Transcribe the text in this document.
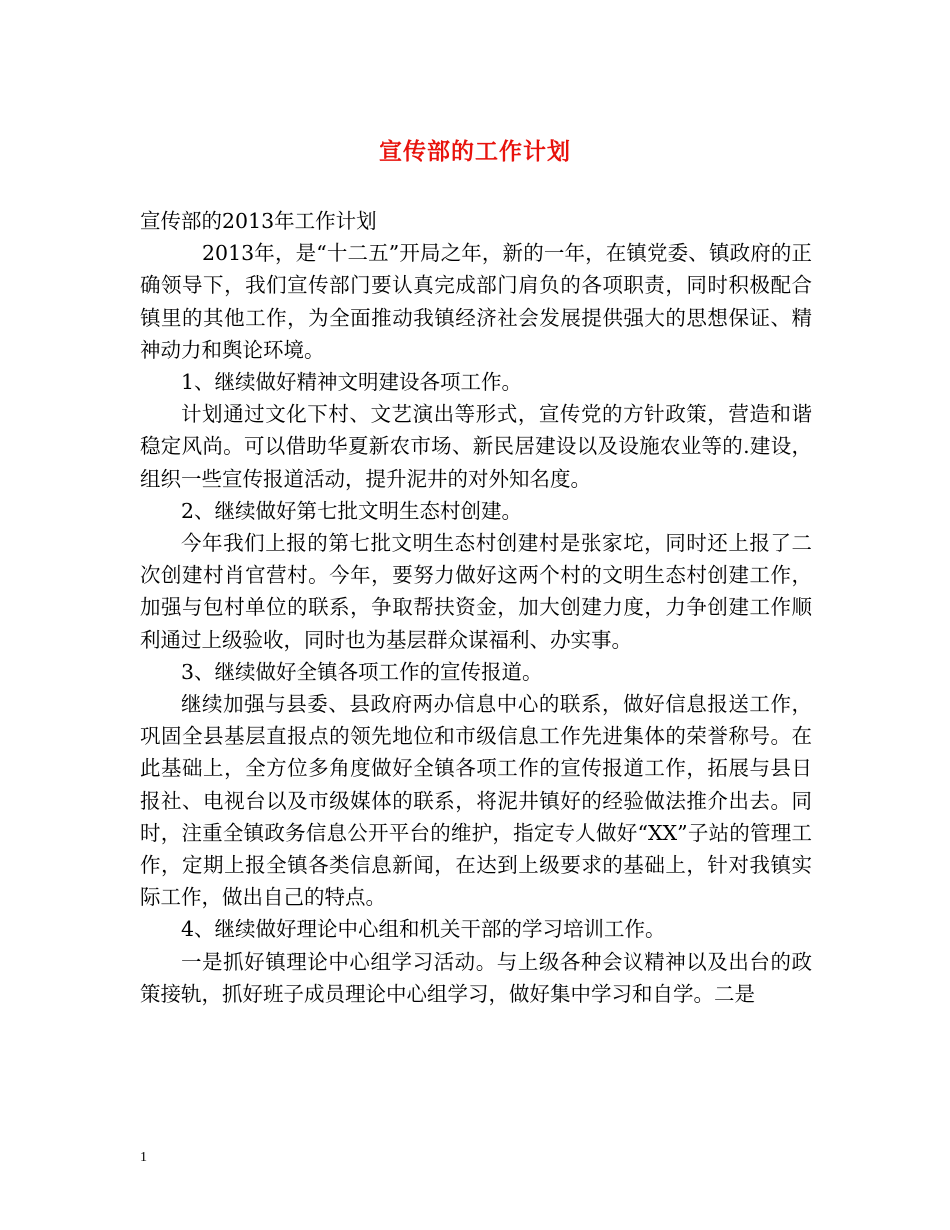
宣传部的工作计划

宣传部的2013年工作计划

2013年，是“十二五”开局之年，新的一年，在镇党委、镇政府的正确领导下，我们宣传部门要认真完成部门肩负的各项职责，同时积极配合镇里的其他工作，为全面推动我镇经济社会发展提供强大的思想保证、精神动力和舆论环境。

1、继续做好精神文明建设各项工作。

计划通过文化下村、文艺演出等形式，宣传党的方针政策，营造和谐稳定风尚。可以借助华夏新农市场、新民居建设以及设施农业等的.建设，组织一些宣传报道活动，提升泥井的对外知名度。

2、继续做好第七批文明生态村创建。

今年我们上报的第七批文明生态村创建村是张家坨，同时还上报了二次创建村肖官营村。今年，要努力做好这两个村的文明生态村创建工作，加强与包村单位的联系，争取帮扶资金，加大创建力度，力争创建工作顺利通过上级验收，同时也为基层群众谋福利、办实事。

3、继续做好全镇各项工作的宣传报道。

继续加强与县委、县政府两办信息中心的联系，做好信息报送工作，巩固全县基层直报点的领先地位和市级信息工作先进集体的荣誉称号。在此基础上，全方位多角度做好全镇各项工作的宣传报道工作，拓展与县日报社、电视台以及市级媒体的联系，将泥井镇好的经验做法推介出去。同时，注重全镇政务信息公开平台的维护，指定专人做好“XX”子站的管理工作，定期上报全镇各类信息新闻，在达到上级要求的基础上，针对我镇实际工作，做出自己的特点。

4、继续做好理论中心组和机关干部的学习培训工作。

一是抓好镇理论中心组学习活动。与上级各种会议精神以及出台的政策接轨，抓好班子成员理论中心组学习，做好集中学习和自学。二是

1
